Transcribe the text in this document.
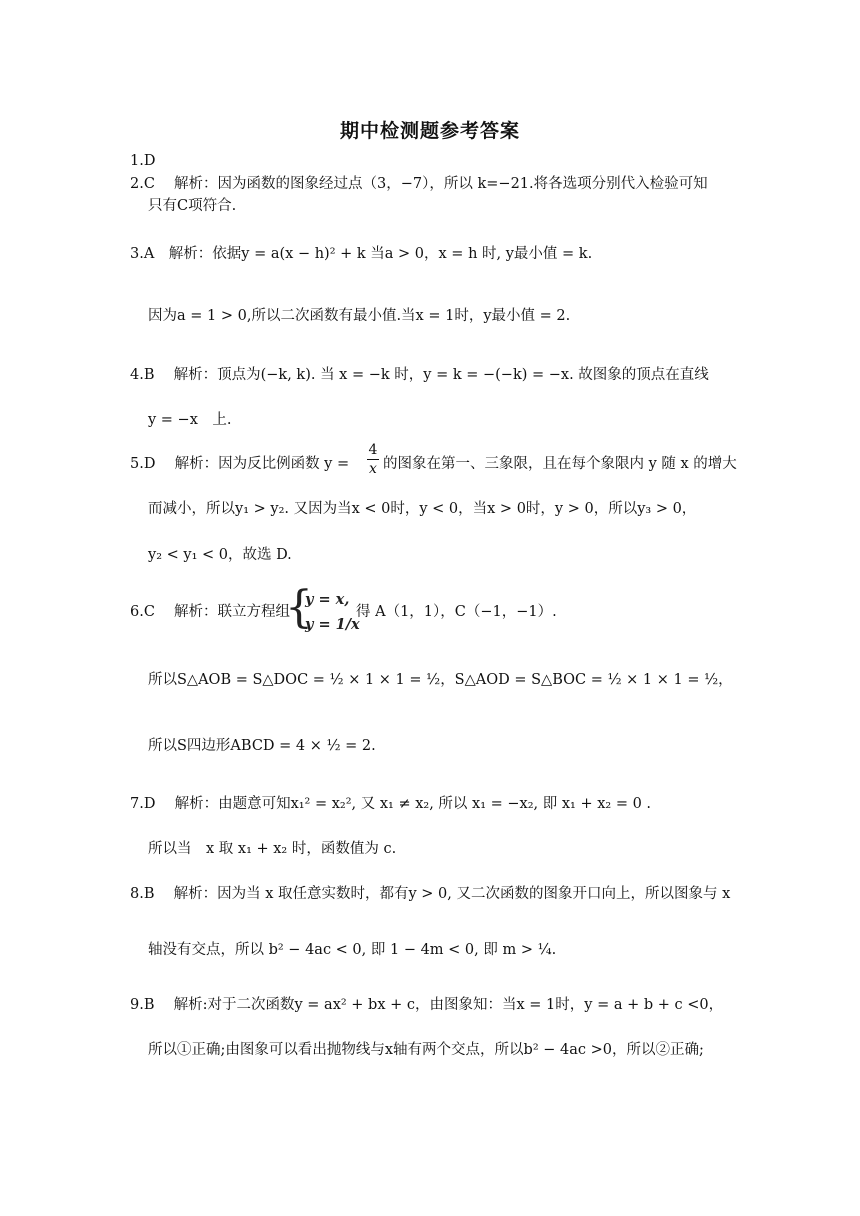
期中检测题参考答案
1.D
2.C　 解析：因为函数的图象经过点（3，−7），所以 k=−21.将各选项分别代入检验可知
只有C项符合.
3.A　解析：依据y = a(x − h)² + k 当a > 0，x = h 时, y最小值 = k.
因为a = 1 > 0,所以二次函数有最小值.当x = 1时，y最小值 = 2.
4.B　 解析：顶点为(−k, k). 当 x = −k 时，y = k = −(−k) = −x. 故图象的顶点在直线
y = −x　上.
5.D　 解析：因为反比例函数 $y = \frac{4}{x}$ 的图象在第一、三象限，且在每个象限内 y 随 x 的增大
而减小，所以y₁ > y₂. 又因为当x < 0时，y < 0，当x > 0时，y > 0，所以y₃ > 0，
y₂ < y₁ < 0，故选 D.
6.C　 解析：联立方程组
{
y = x,
y = 1/x
得 A（1，1），C（−1，−1）.
所以S△AOB = S△DOC = ½ × 1 × 1 = ½，S△AOD = S△BOC = ½ × 1 × 1 = ½，
所以S四边形ABCD = 4 × ½ = 2.
7.D　 解析：由题意可知x₁² = x₂², 又 x₁ ≠ x₂, 所以 x₁ = −x₂, 即 x₁ + x₂ = 0 .
所以当　x 取 x₁ + x₂ 时，函数值为 c.
8.B　 解析：因为当 x 取任意实数时，都有y > 0, 又二次函数的图象开口向上，所以图象与 x
轴没有交点，所以 b² − 4ac < 0, 即 1 − 4m < 0, 即 m > ¼.
9.B　 解析:对于二次函数y = ax² + bx + c，由图象知：当x = 1时，y = a + b + c <0，
所以①正确;由图象可以看出抛物线与x轴有两个交点，所以b² − 4ac >0，所以②正确;
